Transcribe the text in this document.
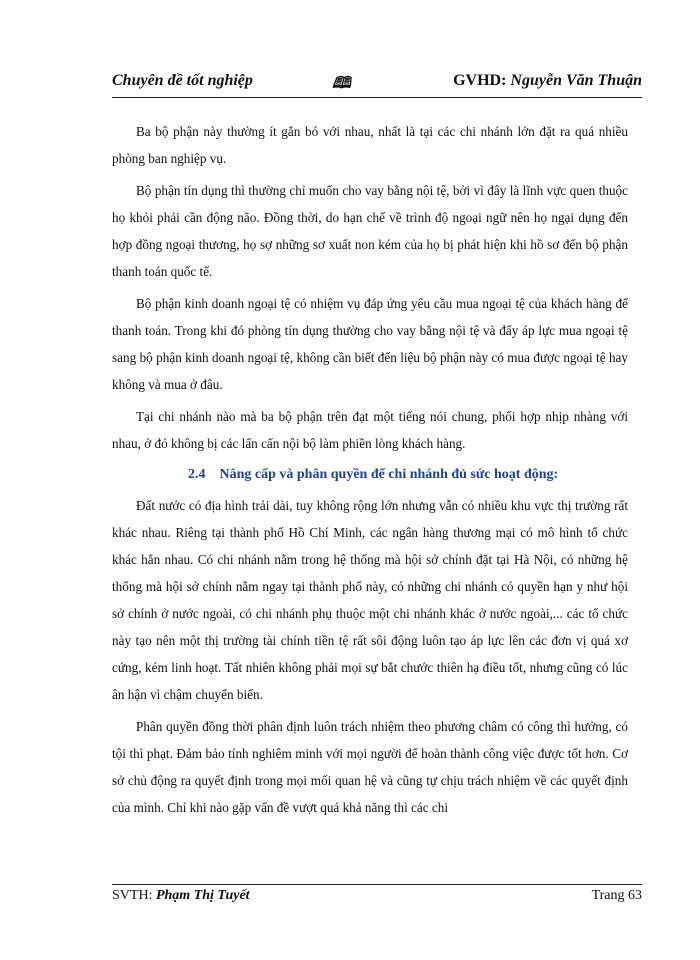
Chuyên đề tốt nghiệp	🕮	GVHD: Nguyễn Văn Thuận

Ba bộ phận này thường ít gắn bó với nhau, nhất là tại các chi nhánh lớn đặt ra quá nhiều phòng ban nghiệp vụ.

Bộ phận tín dụng thì thường chỉ muốn cho vay bằng nội tệ, bởi vì đây là lĩnh vực quen thuộc họ khỏi phải cần động não. Đồng thời, do hạn chế về trình độ ngoại ngữ nên họ ngại dụng đến hợp đồng ngoại thương, họ sợ những sơ xuất non kém của họ bị phát hiện khi hồ sơ đến bộ phận thanh toán quốc tế.

Bộ phận kinh doanh ngoại tệ có nhiệm vụ đáp ứng yêu cầu mua ngoại tệ của khách hàng để thanh toán. Trong khi đó phòng tín dụng thường cho vay bằng nội tệ và đẩy áp lực mua ngoại tệ sang bộ phận kinh doanh ngoại tệ, không cần biết đến liệu bộ phận này có mua được ngoại tệ hay không và mua ở đâu.

Tại chi nhánh nào mà ba bộ phận trên đạt một tiếng nói chung, phối hợp nhịp nhàng với nhau, ở đó không bị các lấn cấn nội bộ làm phiền lòng khách hàng.

2.4 Nâng cấp và phân quyền để chi nhánh đủ sức hoạt động:

Đất nước có địa hình trải dài, tuy không rộng lớn nhưng vẫn có nhiều khu vực thị trường rất khác nhau. Riêng tại thành phố Hồ Chí Minh, các ngân hàng thương mại có mô hình tổ chức khác hẳn nhau. Có chi nhánh nằm trong hệ thống mà hội sở chính đặt tại Hà Nội, có những hệ thống mà hội sở chính nằm ngay tại thành phố này, có những chi nhánh có quyền hạn y như hội sở chính ở nước ngoài, có chi nhánh phụ thuộc một chi nhánh khác ở nước ngoài,... các tổ chức này tạo nên một thị trường tài chính tiền tệ rất sôi động luôn tạo áp lực lên các đơn vị quá xơ cứng, kém linh hoạt. Tất nhiên không phải mọi sự bắt chước thiên hạ điều tốt, nhưng cũng có lúc ân hận vì chậm chuyển biến.

Phân quyền đồng thời phân định luôn trách nhiệm theo phương châm có công thì hưởng, có tội thì phạt. Đảm bảo tính nghiêm minh với mọi người để hoàn thành công việc được tốt hơn. Cơ sở chủ động ra quyết định trong mọi mối quan hệ và cũng tự chịu trách nhiệm về các quyết định của mình. Chỉ khi nào gặp vấn đề vượt quá khả năng thì các chi

SVTH: Phạm Thị Tuyết	Trang 63
